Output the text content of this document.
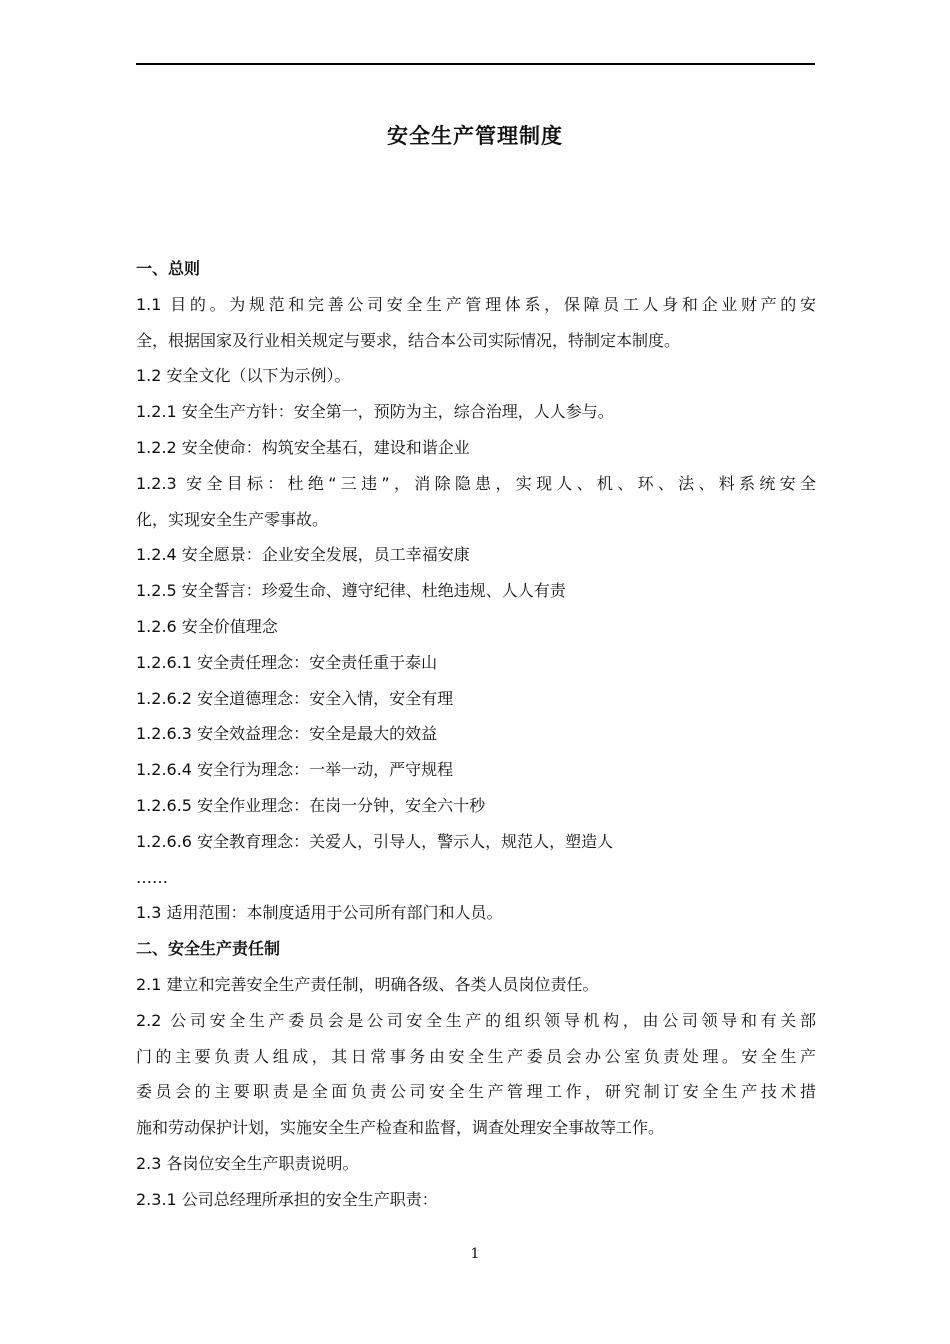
安全生产管理制度
一、总则
1.1 目的。为规范和完善公司安全生产管理体系，保障员工人身和企业财产的安
全，根据国家及行业相关规定与要求，结合本公司实际情况，特制定本制度。
1.2 安全文化（以下为示例）。
1.2.1 安全生产方针：安全第一，预防为主，综合治理，人人参与。
1.2.2 安全使命：构筑安全基石，建设和谐企业
1.2.3 安全目标：杜绝“三违”，消除隐患，实现人、机、环、法、料系统安全
化，实现安全生产零事故。
1.2.4 安全愿景：企业安全发展，员工幸福安康
1.2.5 安全誓言：珍爱生命、遵守纪律、杜绝违规、人人有责
1.2.6 安全价值理念
1.2.6.1 安全责任理念：安全责任重于泰山
1.2.6.2 安全道德理念：安全入情，安全有理
1.2.6.3 安全效益理念：安全是最大的效益
1.2.6.4 安全行为理念：一举一动，严守规程
1.2.6.5 安全作业理念：在岗一分钟，安全六十秒
1.2.6.6 安全教育理念：关爱人，引导人，警示人，规范人，塑造人
……
1.3 适用范围：本制度适用于公司所有部门和人员。
二、安全生产责任制
2.1 建立和完善安全生产责任制，明确各级、各类人员岗位责任。
2.2 公司安全生产委员会是公司安全生产的组织领导机构，由公司领导和有关部
门的主要负责人组成，其日常事务由安全生产委员会办公室负责处理。安全生产
委员会的主要职责是全面负责公司安全生产管理工作，研究制订安全生产技术措
施和劳动保护计划，实施安全生产检查和监督，调查处理安全事故等工作。
2.3 各岗位安全生产职责说明。
2.3.1 公司总经理所承担的安全生产职责：
1
